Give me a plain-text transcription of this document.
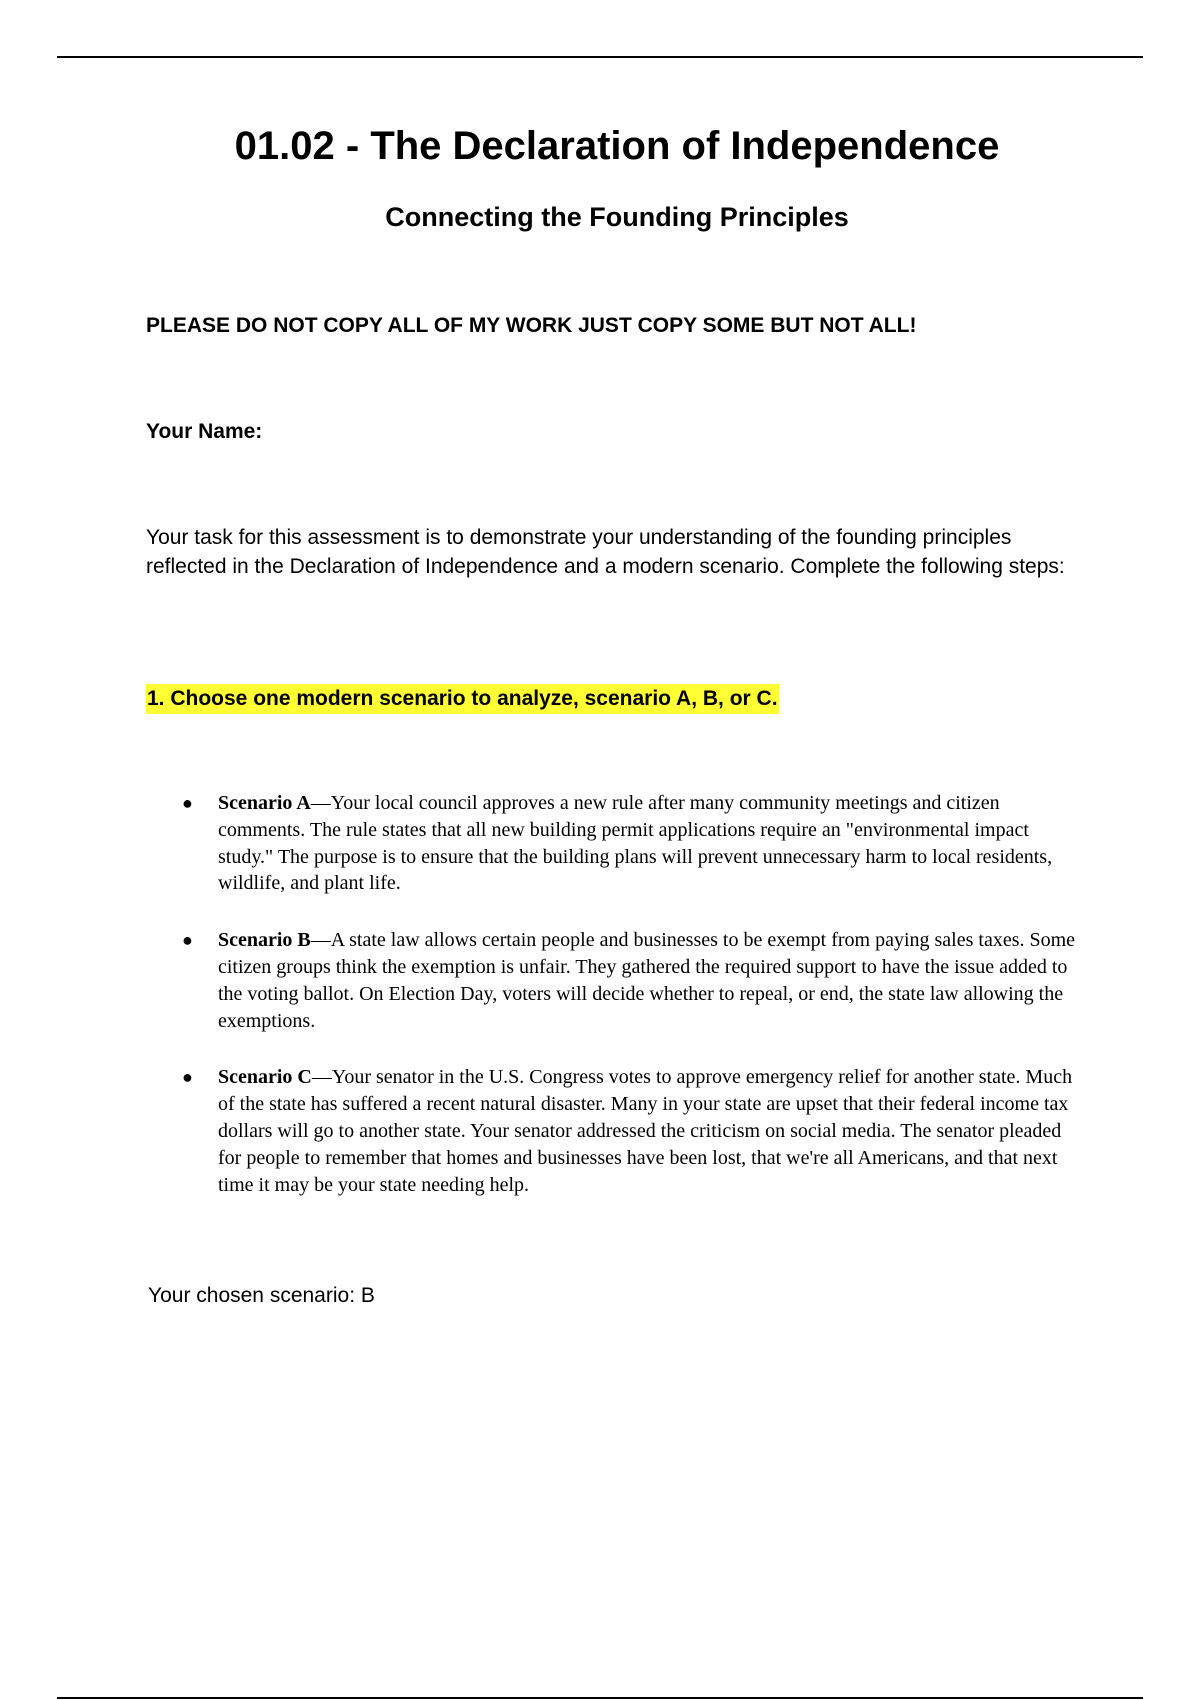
01.02 - The Declaration of Independence
Connecting the Founding Principles
PLEASE DO NOT COPY ALL OF MY WORK JUST COPY SOME BUT NOT ALL!
Your Name:
Your task for this assessment is to demonstrate your understanding of the founding principles reflected in the Declaration of Independence and a modern scenario. Complete the following steps:
1. Choose one modern scenario to analyze, scenario A, B, or C.
● Scenario A—Your local council approves a new rule after many community meetings and citizen comments. The rule states that all new building permit applications require an "environmental impact study." The purpose is to ensure that the building plans will prevent unnecessary harm to local residents, wildlife, and plant life.
● Scenario B—A state law allows certain people and businesses to be exempt from paying sales taxes. Some citizen groups think the exemption is unfair. They gathered the required support to have the issue added to the voting ballot. On Election Day, voters will decide whether to repeal, or end, the state law allowing the exemptions.
● Scenario C—Your senator in the U.S. Congress votes to approve emergency relief for another state. Much of the state has suffered a recent natural disaster. Many in your state are upset that their federal income tax dollars will go to another state. Your senator addressed the criticism on social media. The senator pleaded for people to remember that homes and businesses have been lost, that we're all Americans, and that next time it may be your state needing help.
Your chosen scenario: B
